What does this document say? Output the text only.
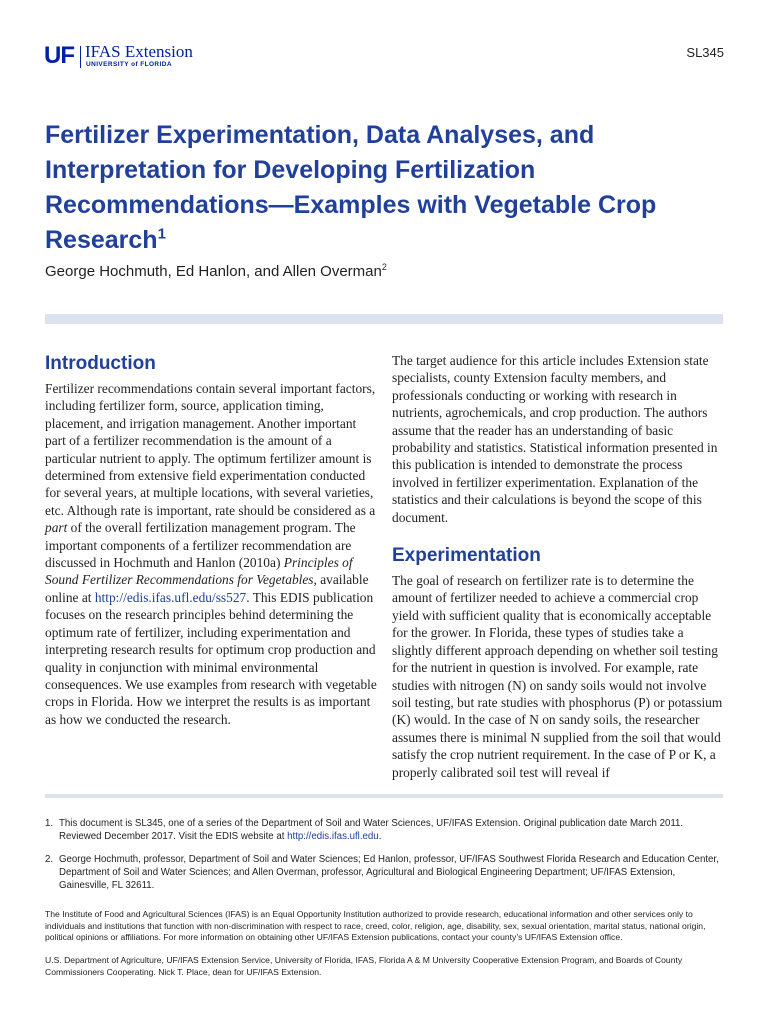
UF IFAS Extension
UNIVERSITY of FLORIDA
SL345
Fertilizer Experimentation, Data Analyses, and Interpretation for Developing Fertilization Recommendations—Examples with Vegetable Crop Research$^1$
George Hochmuth, Ed Hanlon, and Allen Overman$^2$
Introduction

Fertilizer recommendations contain several important factors, including fertilizer form, source, application timing, placement, and irrigation management. Another important part of a fertilizer recommendation is the amount of a particular nutrient to apply. The optimum fertilizer amount is determined from extensive field experimentation conducted for several years, at multiple locations, with several varieties, etc. Although rate is important, rate should be considered as a part of the overall fertilization management program. The important components of a fertilizer recommendation are discussed in Hochmuth and Hanlon (2010a) Principles of Sound Fertilizer Recommendations for Vegetables, available online at http://edis.ifas.ufl.edu/ss527. This EDIS publication focuses on the research principles behind determining the optimum rate of fertilizer, including experimentation and interpreting research results for optimum crop production and quality in conjunction with minimal environmental consequences. We use examples from research with vegetable crops in Florida. How we interpret the results is as important as how we conducted the research.

The target audience for this article includes Extension state specialists, county Extension faculty members, and professionals conducting or working with research in nutrients, agrochemicals, and crop production. The authors assume that the reader has an understanding of basic probability and statistics. Statistical information presented in this publication is intended to demonstrate the process involved in fertilizer experimentation. Explanation of the statistics and their calculations is beyond the scope of this document.

Experimentation

The goal of research on fertilizer rate is to determine the amount of fertilizer needed to achieve a commercial crop yield with sufficient quality that is economically acceptable for the grower. In Florida, these types of studies take a slightly different approach depending on whether soil testing for the nutrient in question is involved. For example, rate studies with nitrogen (N) on sandy soils would not involve soil testing, but rate studies with phosphorus (P) or potassium (K) would. In the case of N on sandy soils, the researcher assumes there is minimal N supplied from the soil that would satisfy the crop nutrient requirement. In the case of P or K, a properly calibrated soil test will reveal if

1. This document is SL345, one of a series of the Department of Soil and Water Sciences, UF/IFAS Extension. Original publication date March 2011. Reviewed December 2017. Visit the EDIS website at http://edis.ifas.ufl.edu.
2. George Hochmuth, professor, Department of Soil and Water Sciences; Ed Hanlon, professor, UF/IFAS Southwest Florida Research and Education Center, Department of Soil and Water Sciences; and Allen Overman, professor, Agricultural and Biological Engineering Department; UF/IFAS Extension, Gainesville, FL 32611.
The Institute of Food and Agricultural Sciences (IFAS) is an Equal Opportunity Institution authorized to provide research, educational information and other services only to individuals and institutions that function with non-discrimination with respect to race, creed, color, religion, age, disability, sex, sexual orientation, marital status, national origin, political opinions or affiliations. For more information on obtaining other UF/IFAS Extension publications, contact your county’s UF/IFAS Extension office.
U.S. Department of Agriculture, UF/IFAS Extension Service, University of Florida, IFAS, Florida A & M University Cooperative Extension Program, and Boards of County Commissioners Cooperating. Nick T. Place, dean for UF/IFAS Extension.
